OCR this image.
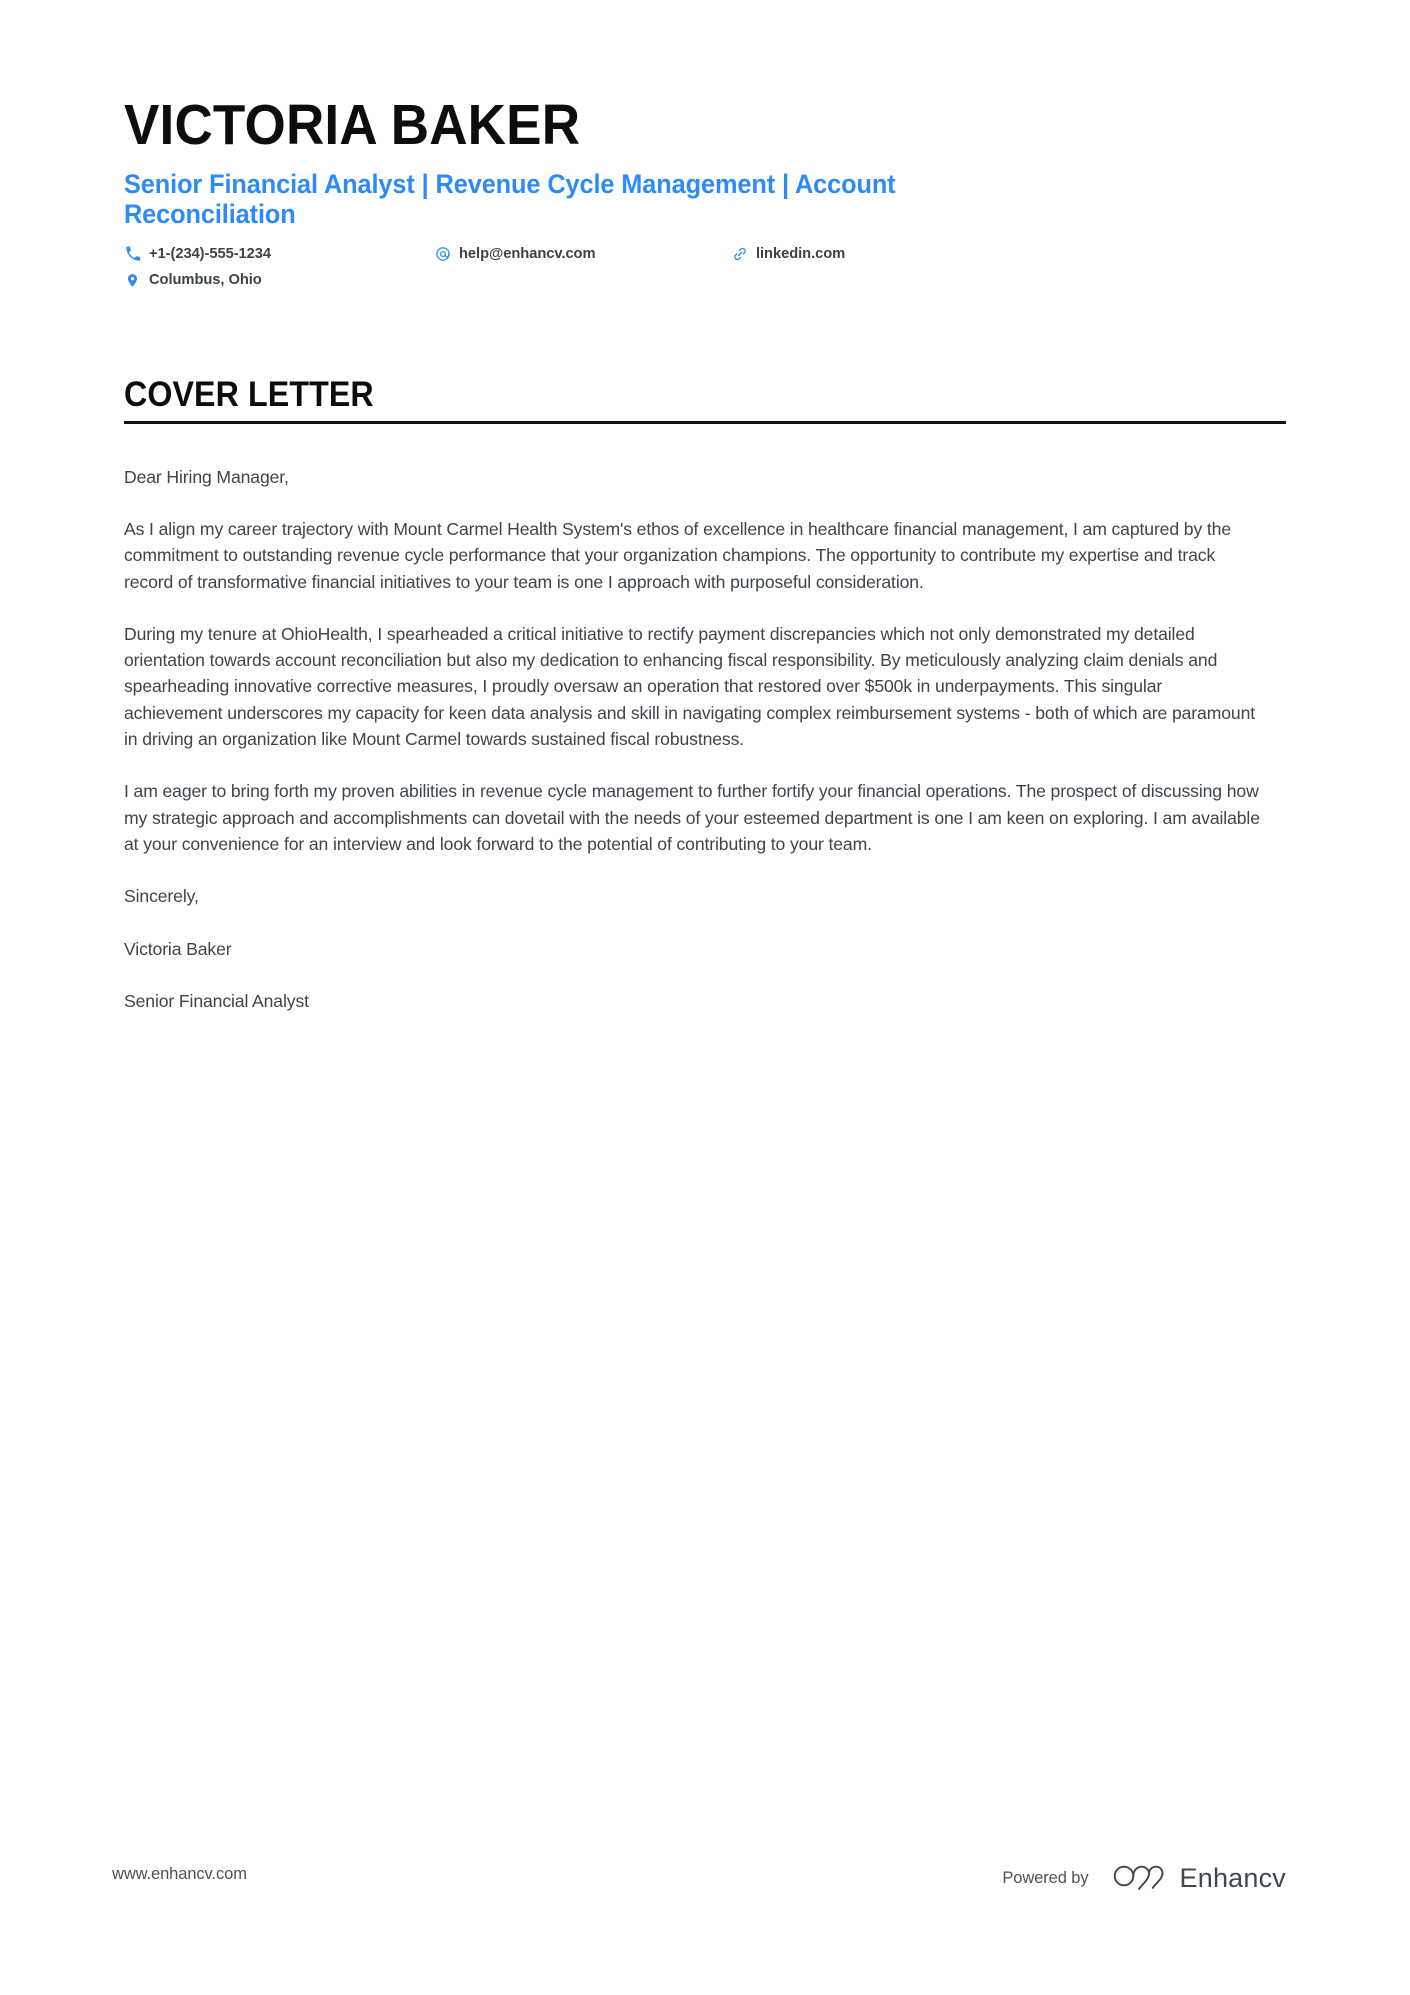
VICTORIA BAKER
Senior Financial Analyst | Revenue Cycle Management | Account Reconciliation
+1-(234)-555-1234	help@enhancv.com	linkedin.com
Columbus, Ohio
COVER LETTER

Dear Hiring Manager,

As I align my career trajectory with Mount Carmel Health System's ethos of excellence in healthcare financial management, I am captured by the commitment to outstanding revenue cycle performance that your organization champions. The opportunity to contribute my expertise and track record of transformative financial initiatives to your team is one I approach with purposeful consideration.

During my tenure at OhioHealth, I spearheaded a critical initiative to rectify payment discrepancies which not only demonstrated my detailed orientation towards account reconciliation but also my dedication to enhancing fiscal responsibility. By meticulously analyzing claim denials and spearheading innovative corrective measures, I proudly oversaw an operation that restored over $500k in underpayments. This singular achievement underscores my capacity for keen data analysis and skill in navigating complex reimbursement systems - both of which are paramount in driving an organization like Mount Carmel towards sustained fiscal robustness.

I am eager to bring forth my proven abilities in revenue cycle management to further fortify your financial operations. The prospect of discussing how my strategic approach and accomplishments can dovetail with the needs of your esteemed department is one I am keen on exploring. I am available at your convenience for an interview and look forward to the potential of contributing to your team.

Sincerely,

Victoria Baker

Senior Financial Analyst

www.enhancv.com	Powered by	Enhancv
